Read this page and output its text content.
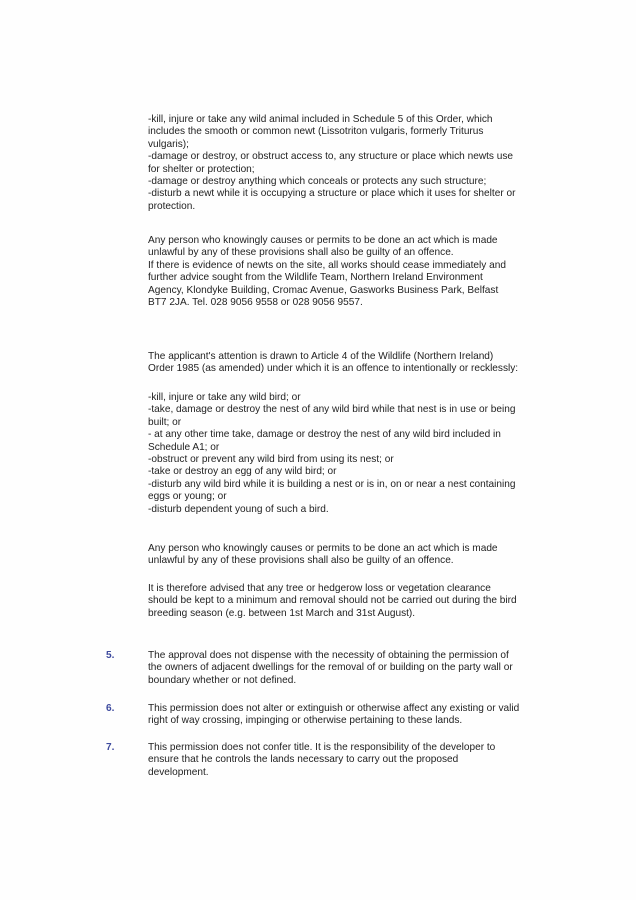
-kill, injure or take any wild animal included in Schedule 5 of this Order, which
includes the smooth or common newt (Lissotriton vulgaris, formerly Triturus
vulgaris);
-damage or destroy, or obstruct access to, any structure or place which newts use
for shelter or protection;
-damage or destroy anything which conceals or protects any such structure;
-disturb a newt while it is occupying a structure or place which it uses for shelter or
protection.
Any person who knowingly causes or permits to be done an act which is made
unlawful by any of these provisions shall also be guilty of an offence.
If there is evidence of newts on the site, all works should cease immediately and
further advice sought from the Wildlife Team, Northern Ireland Environment
Agency, Klondyke Building, Cromac Avenue, Gasworks Business Park, Belfast
BT7 2JA. Tel. 028 9056 9558 or 028 9056 9557.
The applicant's attention is drawn to Article 4 of the Wildlife (Northern Ireland)
Order 1985 (as amended) under which it is an offence to intentionally or recklessly:
-kill, injure or take any wild bird; or
-take, damage or destroy the nest of any wild bird while that nest is in use or being
built; or
- at any other time take, damage or destroy the nest of any wild bird included in
Schedule A1; or
-obstruct or prevent any wild bird from using its nest; or
-take or destroy an egg of any wild bird; or
-disturb any wild bird while it is building a nest or is in, on or near a nest containing
eggs or young; or
-disturb dependent young of such a bird.
Any person who knowingly causes or permits to be done an act which is made
unlawful by any of these provisions shall also be guilty of an offence.
It is therefore advised that any tree or hedgerow loss or vegetation clearance
should be kept to a minimum and removal should not be carried out during the bird
breeding season (e.g. between 1st March and 31st August).
5.	The approval does not dispense with the necessity of obtaining the permission of
the owners of adjacent dwellings for the removal of or building on the party wall or
boundary whether or not defined.
6.	This permission does not alter or extinguish or otherwise affect any existing or valid
right of way crossing, impinging or otherwise pertaining to these lands.
7.	This permission does not confer title. It is the responsibility of the developer to
ensure that he controls the lands necessary to carry out the proposed
development.
